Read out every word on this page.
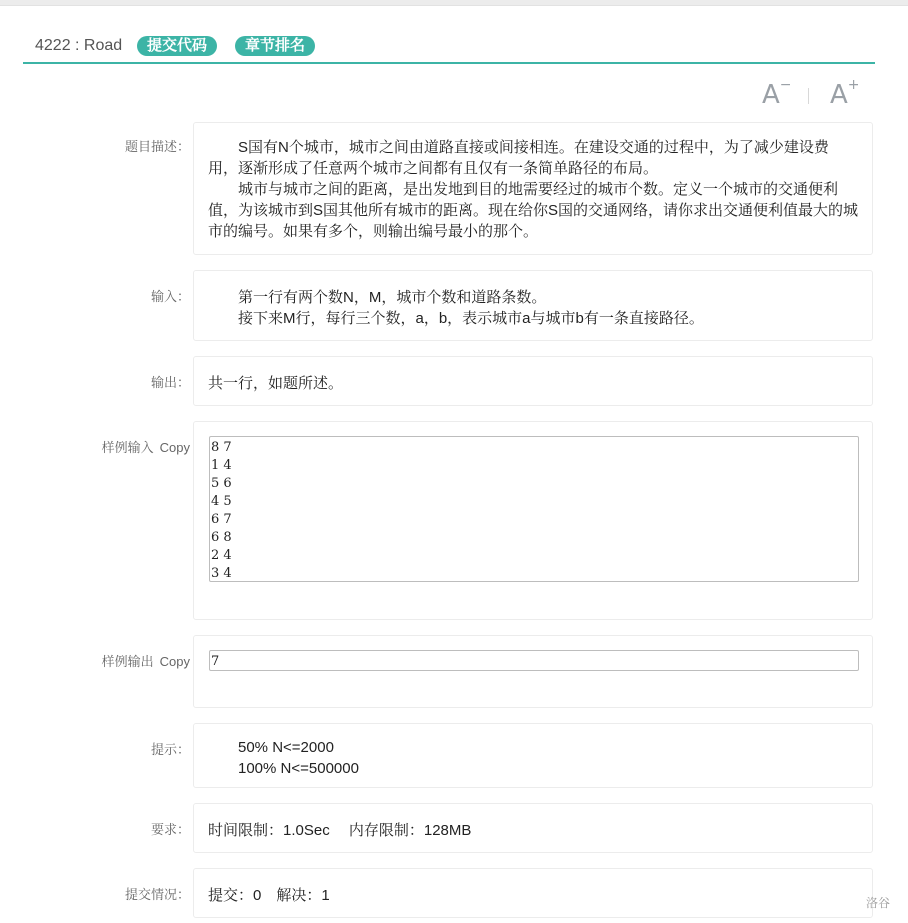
4222 : Road	提交代码	章节排名
A− A+
题目描述：	S国有N个城市，城市之间由道路直接或间接相连。在建设交通的过程中，为了减少建设费用，逐渐形成了任意两个城市之间都有且仅有一条简单路径的布局。

城市与城市之间的距离，是出发地到目的地需要经过的城市个数。定义一个城市的交通便利值，为该城市到S国其他所有城市的距离。现在给你S国的交通网络，请你求出交通便利值最大的城市的编号。如果有多个，则输出编号最小的那个。

输入：	第一行有两个数N，M，城市个数和道路条数。

接下来M行，每行三个数，a，b，表示城市a与城市b有一条直接路径。

输出：	共一行，如题所述。
样例输入 Copy 8 7
1 4
5 6
4 5
6 7
6 8
2 4
3 4
样例输出 Copy 7
提示：	50% N<=2000

100% N<=500000

要求：	时间限制：1.0Sec　 内存限制：128MB
提交情况：	提交：0　解决：1	洛谷
